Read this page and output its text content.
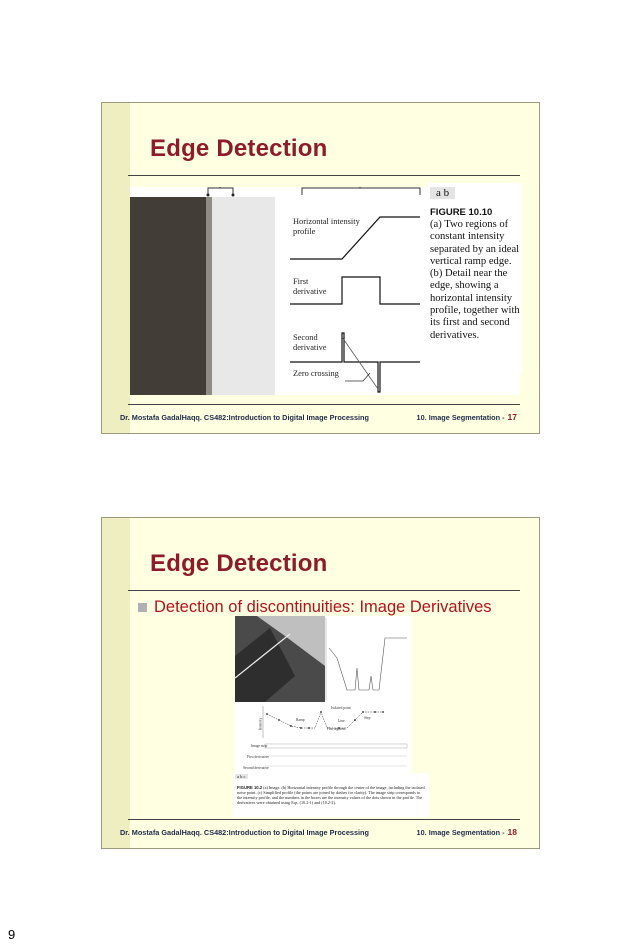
Edge Detection
Horizontal intensity profile
First derivative
Second derivative
Zero crossing
a b
FIGURE 10.10
(a) Two regions of constant intensity separated by an ideal vertical ramp edge. (b) Detail near the edge, showing a horizontal intensity profile, together with its first and second derivatives.
Dr. Mostafa GadalHaqq. CS482:Introduction to Digital Image Processing	10. Image Segmentation - 17
Edge Detection
Detection of discontinuities: Image Derivatives
Isolated point
Ramp	Line
Step
Flat segment
Intensity
Image strip
First derivative
Second derivative
a b c
FIGURE 10.2 (a) Image. (b) Horizontal intensity profile through the center of the image, including the isolated noise point. (c) Simplified profile (the points are joined by dashes for clarity). The image strip corresponds to the intensity profile, and the numbers in the boxes are the intensity values of the dots shown in the profile. The derivatives were obtained using Eqs. (10.2-1) and (10.2-2).
Dr. Mostafa GadalHaqq. CS482:Introduction to Digital Image Processing	10. Image Segmentation - 18
9
